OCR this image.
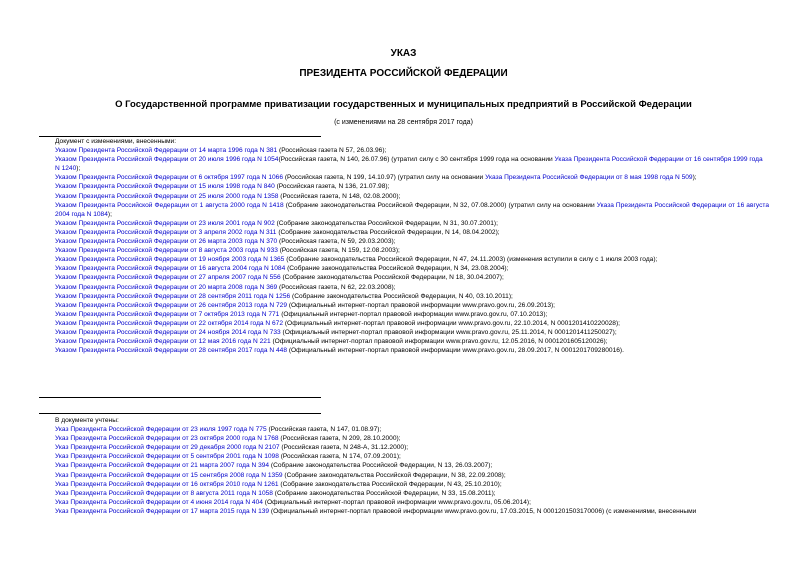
УКАЗ
ПРЕЗИДЕНТА РОССИЙСКОЙ ФЕДЕРАЦИИ
О Государственной программе приватизации государственных и муниципальных предприятий в Российской Федерации
(с изменениями на 28 сентября 2017 года)
Документ с изменениями, внесенными:
Указом Президента Российской Федерации от 14 марта 1996 года N 381 (Российская газета N 57, 26.03.96);
Указом Президента Российской Федерации от 20 июля 1996 года N 1054(Российская газета, N 140, 26.07.96) (утратил силу с 30 сентября 1999 года на основании Указа Президента Российской Федерации от 16 сентября 1999 года N 1240);
Указом Президента Российской Федерации от 6 октября 1997 года N 1066 (Российская газета, N 199, 14.10.97) (утратил силу на основании Указа Президента Российской Федерации от 8 мая 1998 года N 509);
Указом Президента Российской Федерации от 15 июля 1998 года N 840 (Российская газета, N 136, 21.07.98);
Указом Президента Российской Федерации от 25 июля 2000 года N 1358 (Российская газета, N 148, 02.08.2000);
Указом Президента Российской Федерации от 1 августа 2000 года N 1418 (Собрание законодательства Российской Федерации, N 32, 07.08.2000) (утратил силу на основании Указа Президента Российской Федерации от 16 августа 2004 года N 1084);
Указом Президента Российской Федерации от 23 июля 2001 года N 902 (Собрание законодательства Российской Федерации, N 31, 30.07.2001);
Указом Президента Российской Федерации от 3 апреля 2002 года N 311 (Собрание законодательства Российской Федерации, N 14, 08.04.2002);
Указом Президента Российской Федерации от 26 марта 2003 года N 370 (Российская газета, N 59, 29.03.2003);
Указом Президента Российской Федерации от 8 августа 2003 года N 933 (Российская газета, N 159, 12.08.2003);
Указом Президента Российской Федерации от 19 ноября 2003 года N 1365 (Собрание законодательства Российской Федерации, N 47, 24.11.2003) (изменения вступили в силу с 1 июля 2003 года);
Указом Президента Российской Федерации от 16 августа 2004 года N 1084 (Собрание законодательства Российской Федерации, N 34, 23.08.2004);
Указом Президента Российской Федерации от 27 апреля 2007 года N 556 (Собрание законодательства Российской Федерации, N 18, 30.04.2007);
Указом Президента Российской Федерации от 20 марта 2008 года N 369 (Российская газета, N 62, 22.03.2008);
Указом Президента Российской Федерации от 28 сентября 2011 года N 1256 (Собрание законодательства Российской Федерации, N 40, 03.10.2011);
Указом Президента Российской Федерации от 26 сентября 2013 года N 729 (Официальный интернет-портал правовой информации www.pravo.gov.ru, 26.09.2013);
Указом Президента Российской Федерации от 7 октября 2013 года N 771 (Официальный интернет-портал правовой информации www.pravo.gov.ru, 07.10.2013);
Указом Президента Российской Федерации от 22 октября 2014 года N 672 (Официальный интернет-портал правовой информации www.pravo.gov.ru, 22.10.2014, N 0001201410220028);
Указом Президента Российской Федерации от 24 ноября 2014 года N 733 (Официальный интернет-портал правовой информации www.pravo.gov.ru, 25.11.2014, N 0001201411250027);
Указом Президента Российской Федерации от 12 мая 2016 года N 221 (Официальный интернет-портал правовой информации www.pravo.gov.ru, 12.05.2016, N 0001201605120026);
Указом Президента Российской Федерации от 28 сентября 2017 года N 448 (Официальный интернет-портал правовой информации www.pravo.gov.ru, 28.09.2017, N 0001201709280016).
В документе учтены:
Указ Президента Российской Федерации от 23 июля 1997 года N 775 (Российская газета, N 147, 01.08.97);
Указ Президента Российской Федерации от 23 октября 2000 года N 1768 (Российская газета, N 209, 28.10.2000);
Указ Президента Российской Федерации от 29 декабря 2000 года N 2107 (Российская газета, N 248-А, 31.12.2000);
Указ Президента Российской Федерации от 5 сентября 2001 года N 1098 (Российская газета, N 174, 07.09.2001);
Указ Президента Российской Федерации от 21 марта 2007 года N 394 (Собрание законодательства Российской Федерации, N 13, 26.03.2007);
Указ Президента Российской Федерации от 15 сентября 2008 года N 1359 (Собрание законодательства Российской Федерации, N 38, 22.09.2008);
Указ Президента Российской Федерации от 16 октября 2010 года N 1261 (Собрание законодательства Российской Федерации, N 43, 25.10.2010);
Указ Президента Российской Федерации от 8 августа 2011 года N 1058 (Собрание законодательства Российской Федерации, N 33, 15.08.2011);
Указ Президента Российской Федерации от 4 июня 2014 года N 404 (Официальный интернет-портал правовой информации www.pravo.gov.ru, 05.06.2014);
Указ Президента Российской Федерации от 17 марта 2015 года N 139 (Официальный интернет-портал правовой информации www.pravo.gov.ru, 17.03.2015, N 0001201503170006) (с изменениями, внесенными
